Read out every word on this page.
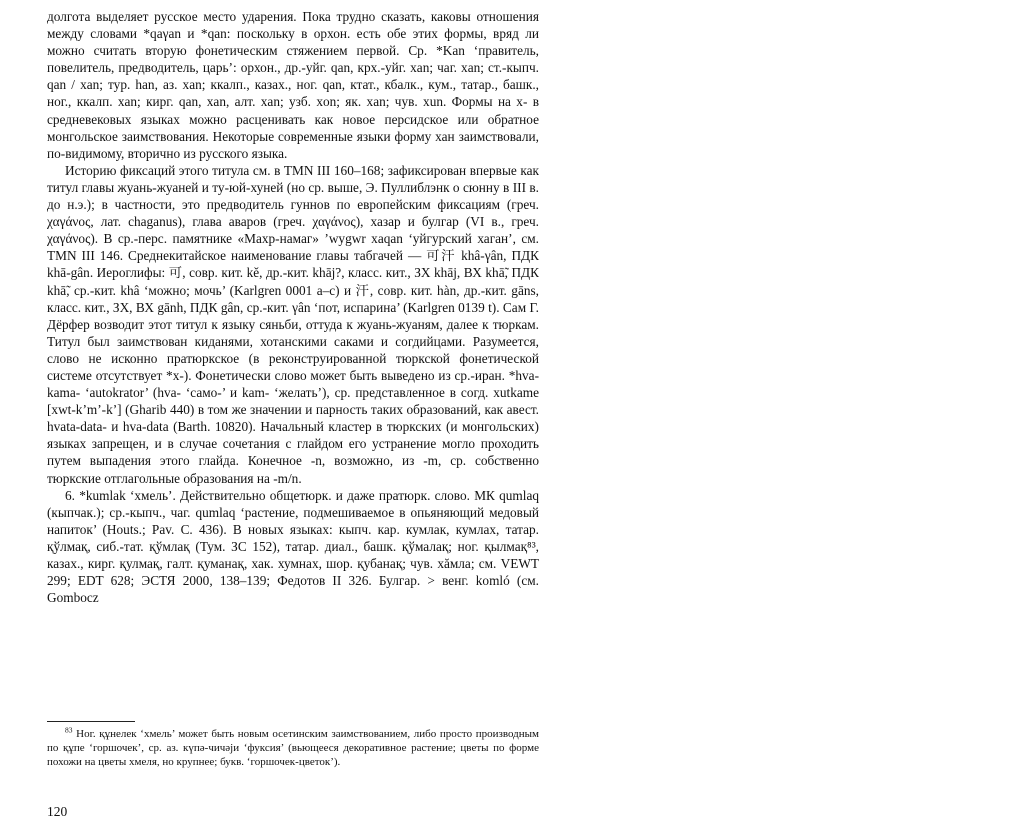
долгота выделяет русское место ударения. Пока трудно сказать, каковы отношения между словами *qaγan и *qan: поскольку в орхон. есть обе этих формы, вряд ли можно считать вторую фонетическим стяжением первой. Ср. *Kan ‘правитель, повелитель, предводитель, царь’: орхон., др.-уйг. qan, крх.-уйг. xan; чаг. xan; ст.-кыпч. qan / xan; тур. han, аз. xan; ккалп., казах., ног. qan, ктат., кбалк., кум., татар., башк., ног., ккалп. xan; кирг. qan, xan, алт. xan; узб. xon; як. xan; чув. xun. Формы на x- в средневековых языках можно расценивать как новое персидское или обратное монгольское заимствования. Некоторые современные языки форму хан заимствовали, по-видимому, вторично из русского языка.

Историю фиксаций этого титула см. в TMN III 160–168; зафиксирован впервые как титул главы жуань-жуаней и ту-юй-хуней (но ср. выше, Э. Пуллиблэнк о сюнну в III в. до н.э.); в частности, это предводитель гуннов по европейским фиксациям (греч. χαγάνος, лат. chaganus), глава аваров (греч. χαγάνος), хазар и булгар (VI в., греч. χαγάνος). В ср.-перс. памятнике «Махр-намаг» ’wygwr xaqan ‘уйгурский хаган’, см. TMN III 146. Среднекитайское наименование главы табгачей — 可汗 khâ-γân, ПДК khā-gân. Иероглифы: 可, совр. кит. kě, др.-кит. khāj?, класс. кит., ЗХ khāj, ВХ khā̃, ПДК khā̃, ср.-кит. khâ ‘можно; мочь’ (Karlgren 0001 a–c) и 汗, совр. кит. hàn, др.-кит. gāns, класс. кит., ЗХ, ВХ gānh, ПДК gân, ср.-кит. γân ‘пот, испарина’ (Karlgren 0139 t). Сам Г. Дёрфер возводит этот титул к языку сяньби, оттуда к жуань-жуаням, далее к тюркам. Титул был заимствован киданями, хотанскими саками и согдийцами. Разумеется, слово не исконно пратюркское (в реконструированной тюркской фонетической системе отсутствует *x-). Фонетически слово может быть выведено из ср.-иран. *hva-kama- ‘autokrator’ (hva- ‘само-’ и kam- ‘желать’), ср. представленное в согд. xutkame [xwt-k’m’-k’] (Gharib 440) в том же значении и парность таких образований, как авест. hvata-data- и hva-data (Barth. 10820). Начальный кластер в тюркских (и монгольских) языках запрещен, и в случае сочетания с глайдом его устранение могло проходить путем выпадения этого глайда. Конечное -n, возможно, из -m, ср. собственно тюркские отглагольные образования на -m/n.

6. *kumlak ‘хмель’. Действительно общетюрк. и даже пратюрк. слово. МК qumlaq (кыпчак.); ср.-кыпч., чаг. qumlaq ‘растение, подмешиваемое в опьяняющий медовый напиток’ (Houts.; Pav. C. 436). В новых языках: кыпч. кар. кумлак, кумлах, татар. қўлмақ, сиб.-тат. қўмлақ (Тум. ЗС 152), татар. диал., башк. қўмалақ; ног. қылмақ⁸³, казах., кирг. қулмақ, галт. қуманақ, хак. хумнах, шор. қубанақ; чув. хăмла; см. VEWT 299; EDT 628; ЭСТЯ 2000, 138–139; Федотов II 326. Булгар. > венг. komló (см. Gombocz

$^{83}$ Ног. құнелек ‘хмель’ может быть новым осетинским заимствованием, либо просто производным по құпе ‘горшочек’, ср. аз. күпә-чичәји ‘фуксия’ (вьющееся декоративное растение; цветы по форме похожи на цветы хмеля, но крупнее; букв. ‘горшочек-цветок’).

120
